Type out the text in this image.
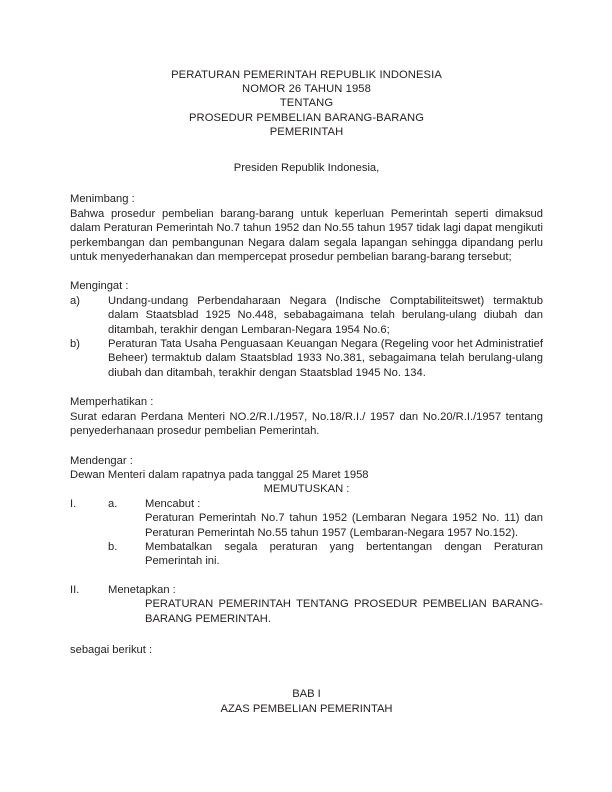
PERATURAN PEMERINTAH REPUBLIK INDONESIA
NOMOR 26 TAHUN 1958
TENTANG
PROSEDUR PEMBELIAN BARANG-BARANG
PEMERINTAH
Presiden Republik Indonesia,
Menimbang :
Bahwa prosedur pembelian barang-barang untuk keperluan Pemerintah seperti dimaksud dalam Peraturan Pemerintah No.7 tahun 1952 dan No.55 tahun 1957 tidak lagi dapat mengikuti perkembangan dan pembangunan Negara dalam segala lapangan sehingga dipandang perlu untuk menyederhanakan dan mempercepat prosedur pembelian barang-barang tersebut;
Mengingat :
a)	Undang-undang Perbendaharaan Negara (Indische Comptabiliteitswet) termaktub dalam Staatsblad 1925 No.448, sebabagaimana telah berulang-ulang diubah dan ditambah, terakhir dengan Lembaran-Negara 1954 No.6;
b)	Peraturan Tata Usaha Penguasaan Keuangan Negara (Regeling voor het Administratief Beheer) termaktub dalam Staatsblad 1933 No.381, sebagaimana telah berulang-ulang diubah dan ditambah, terakhir dengan Staatsblad 1945 No. 134.
Memperhatikan :
Surat edaran Perdana Menteri NO.2/R.I./1957, No.18/R.I./ 1957 dan No.20/R.I./1957 tentang penyederhanaan prosedur pembelian Pemerintah.
Mendengar :
Dewan Menteri dalam rapatnya pada tanggal 25 Maret 1958
MEMUTUSKAN :
I.	a.	Mencabut :
Peraturan Pemerintah No.7 tahun 1952 (Lembaran Negara 1952 No. 11) dan Peraturan Pemerintah No.55 tahun 1957 (Lembaran-Negara 1957 No.152).
b.	Membatalkan segala peraturan yang bertentangan dengan Peraturan Pemerintah ini.
II.	Menetapkan :
PERATURAN PEMERINTAH TENTANG PROSEDUR PEMBELIAN BARANG-BARANG PEMERINTAH.
sebagai berikut :
BAB I
AZAS PEMBELIAN PEMERINTAH
